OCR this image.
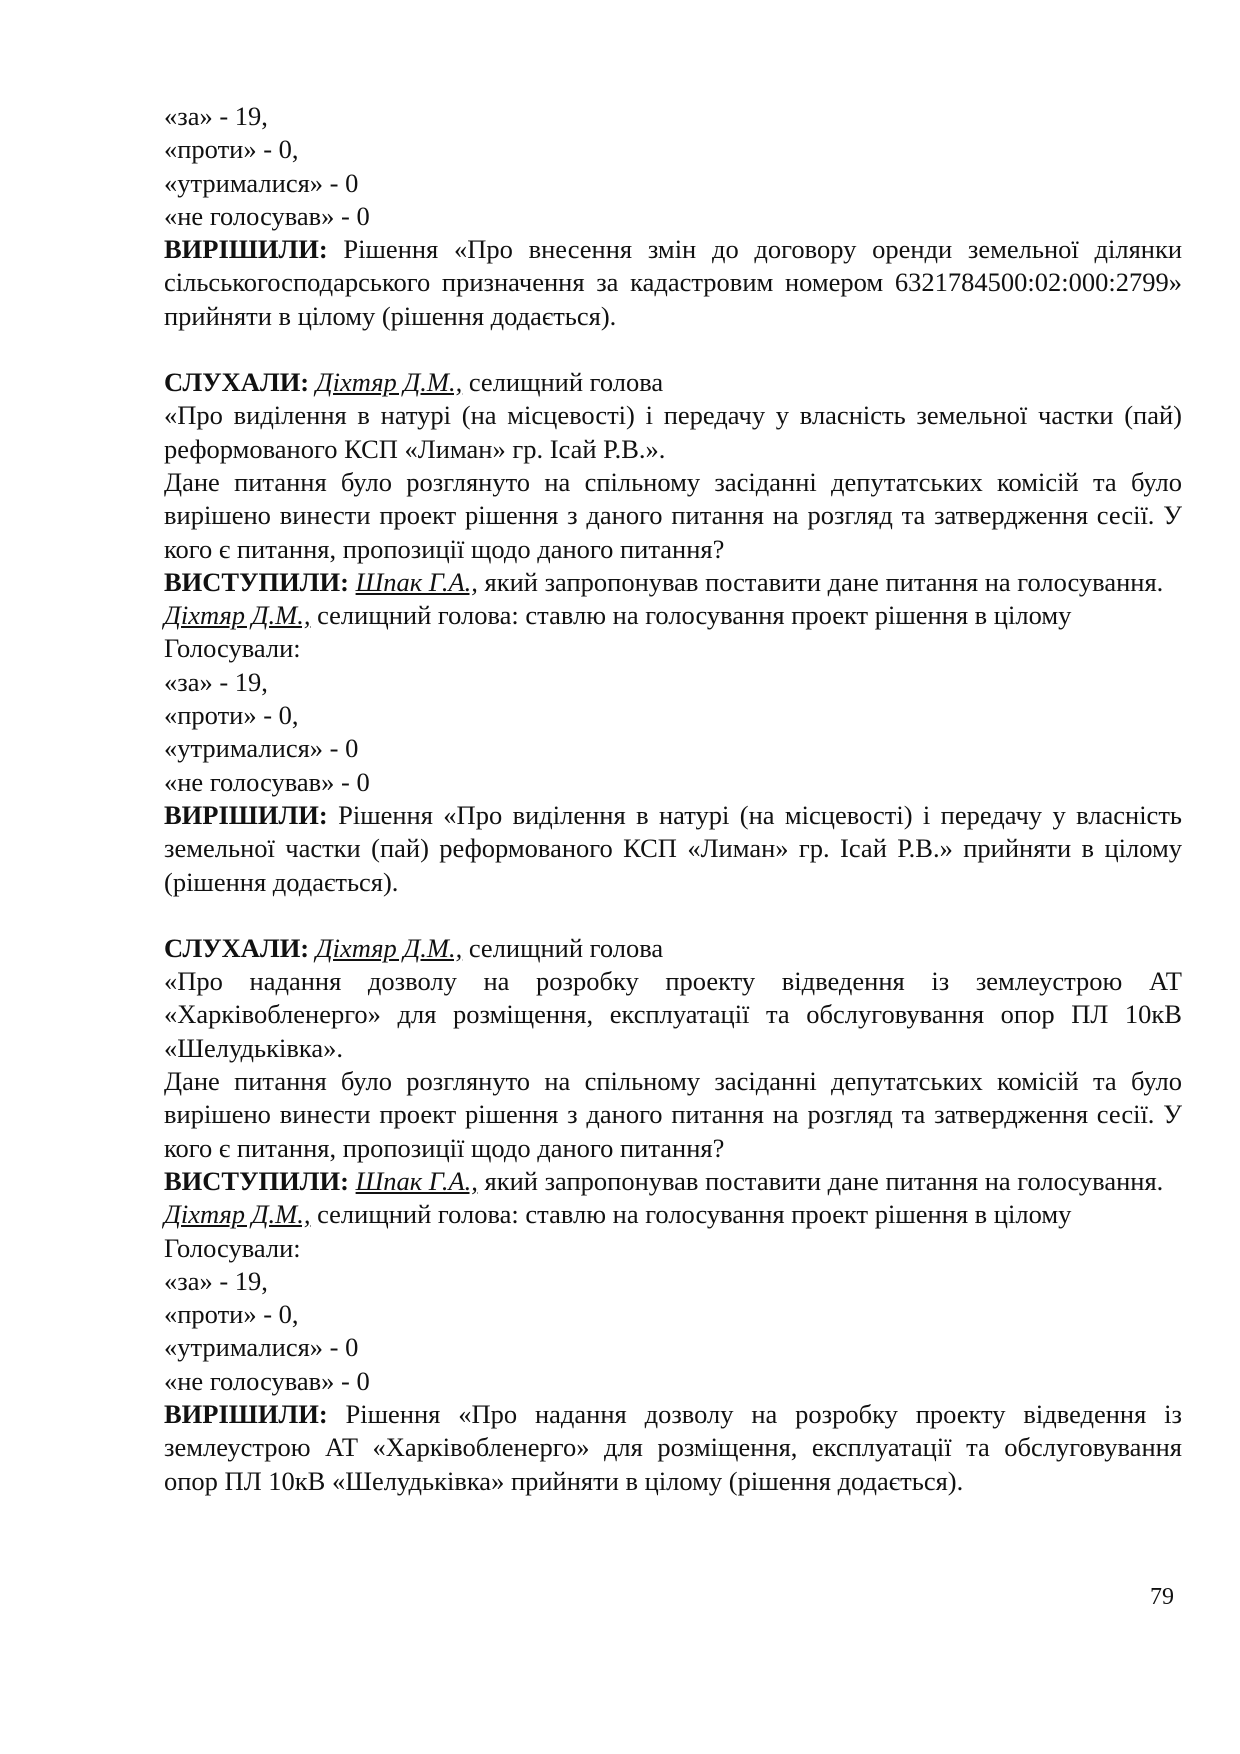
«за» - 19,
«проти» - 0,
«утрималися» - 0
«не голосував» - 0
ВИРІШИЛИ: Рішення «Про внесення змін до договору оренди земельної ділянки сільськогосподарського призначення за кадастровим номером 6321784500:02:000:2799» прийняти в цілому (рішення додається).
СЛУХАЛИ: Діхтяр Д.М., селищний голова
«Про виділення в натурі (на місцевості) і передачу у власність земельної частки (пай) реформованого КСП «Лиман» гр. Ісай Р.В.».
Дане питання було розглянуто на спільному засіданні депутатських комісій та було вирішено винести проект рішення з даного питання на розгляд та затвердження сесії. У кого є питання, пропозиції щодо даного питання?
ВИСТУПИЛИ: Шпак Г.А., який запропонував поставити дане питання на голосування.
Діхтяр Д.М., селищний голова: ставлю на голосування проект рішення в цілому
Голосували:
«за» - 19,
«проти» - 0,
«утрималися» - 0
«не голосував» - 0
ВИРІШИЛИ: Рішення «Про виділення в натурі (на місцевості) і передачу у власність земельної частки (пай) реформованого КСП «Лиман» гр. Ісай Р.В.» прийняти в цілому (рішення додається).
СЛУХАЛИ: Діхтяр Д.М., селищний голова
«Про надання дозволу на розробку проекту відведення із землеустрою АТ «Харківобленерго» для розміщення, експлуатації та обслуговування опор ПЛ 10кВ «Шелудьківка».
Дане питання було розглянуто на спільному засіданні депутатських комісій та було вирішено винести проект рішення з даного питання на розгляд та затвердження сесії. У кого є питання, пропозиції щодо даного питання?
ВИСТУПИЛИ: Шпак Г.А., який запропонував поставити дане питання на голосування.
Діхтяр Д.М., селищний голова: ставлю на голосування проект рішення в цілому
Голосували:
«за» - 19,
«проти» - 0,
«утрималися» - 0
«не голосував» - 0
ВИРІШИЛИ: Рішення «Про надання дозволу на розробку проекту відведення із землеустрою АТ «Харківобленерго» для розміщення, експлуатації та обслуговування опор ПЛ 10кВ «Шелудьківка» прийняти в цілому (рішення додається).
79
